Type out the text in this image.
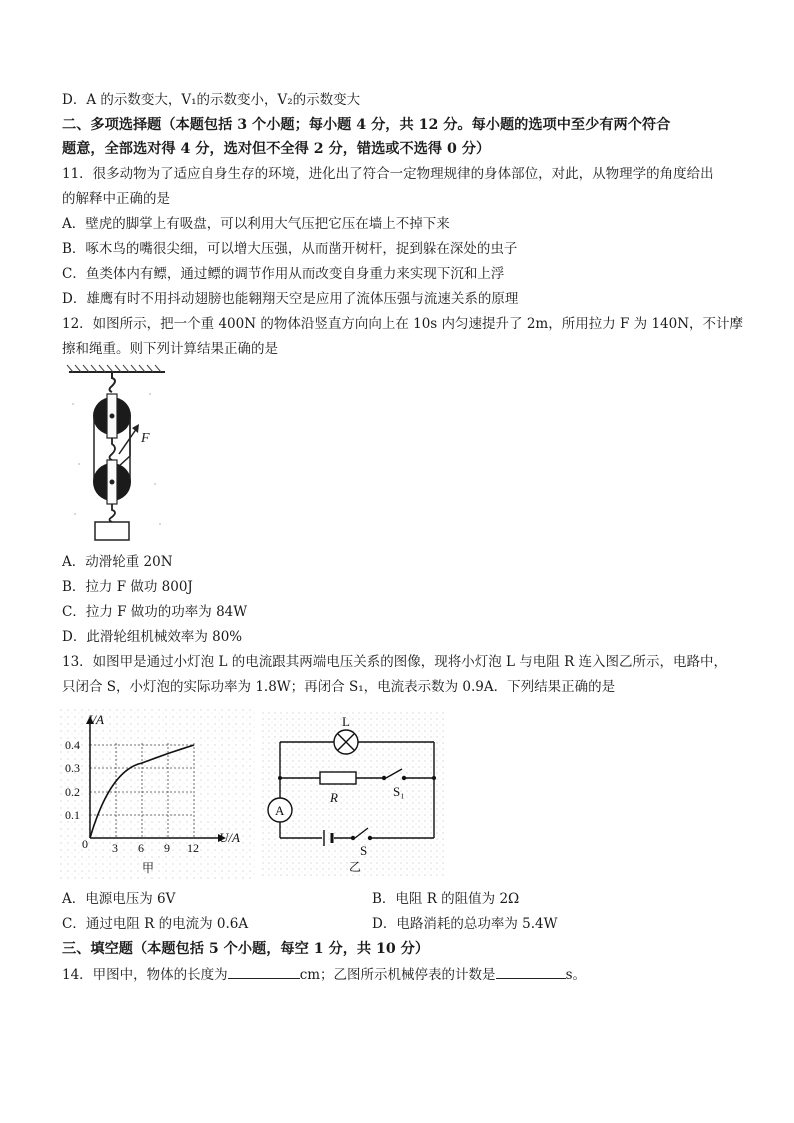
D．A 的示数变大，V₁的示数变小，V₂的示数变大
二、多项选择题（本题包括 3 个小题；每小题 4 分，共 12 分。每小题的选项中至少有两个符合
题意，全部选对得 4 分，选对但不全得 2 分，错选或不选得 0 分）
11．很多动物为了适应自身生存的环境，进化出了符合一定物理规律的身体部位，对此，从物理学的角度给出
的解释中正确的是
A．壁虎的脚掌上有吸盘，可以利用大气压把它压在墙上不掉下来
B．啄木鸟的嘴很尖细，可以增大压强，从而凿开树杆，捉到躲在深处的虫子
C．鱼类体内有鳔，通过鳔的调节作用从而改变自身重力来实现下沉和上浮
D．雄鹰有时不用抖动翅膀也能翱翔天空是应用了流体压强与流速关系的原理
12．如图所示，把一个重 400N 的物体沿竖直方向向上在 10s 内匀速提升了 2m，所用拉力 F 为 140N，不计摩
擦和绳重。则下列计算结果正确的是
F
A．动滑轮重 20N
B．拉力 F 做功 800J
C．拉力 F 做功的功率为 84W
D．此滑轮组机械效率为 80%
13．如图甲是通过小灯泡 L 的电流跟其两端电压关系的图像，现将小灯泡 L 与电阻 R 连入图乙所示，电路中，
只闭合 S，小灯泡的实际功率为 1.8W；再闭合 S₁，电流表示数为 0.9A．下列结果正确的是
I/A
0.4
0.3
0.2
0.1
0 3 6 9 12
U/A
甲
L
R	S₁
A
S
乙
A．电源电压为 6V	B．电阻 R 的阻值为 2Ω
C．通过电阻 R 的电流为 0.6A	D．电路消耗的总功率为 5.4W
三、填空题（本题包括 5 个小题，每空 1 分，共 10 分）
14．甲图中，物体的长度为	cm；乙图所示机械停表的计数是	s。
